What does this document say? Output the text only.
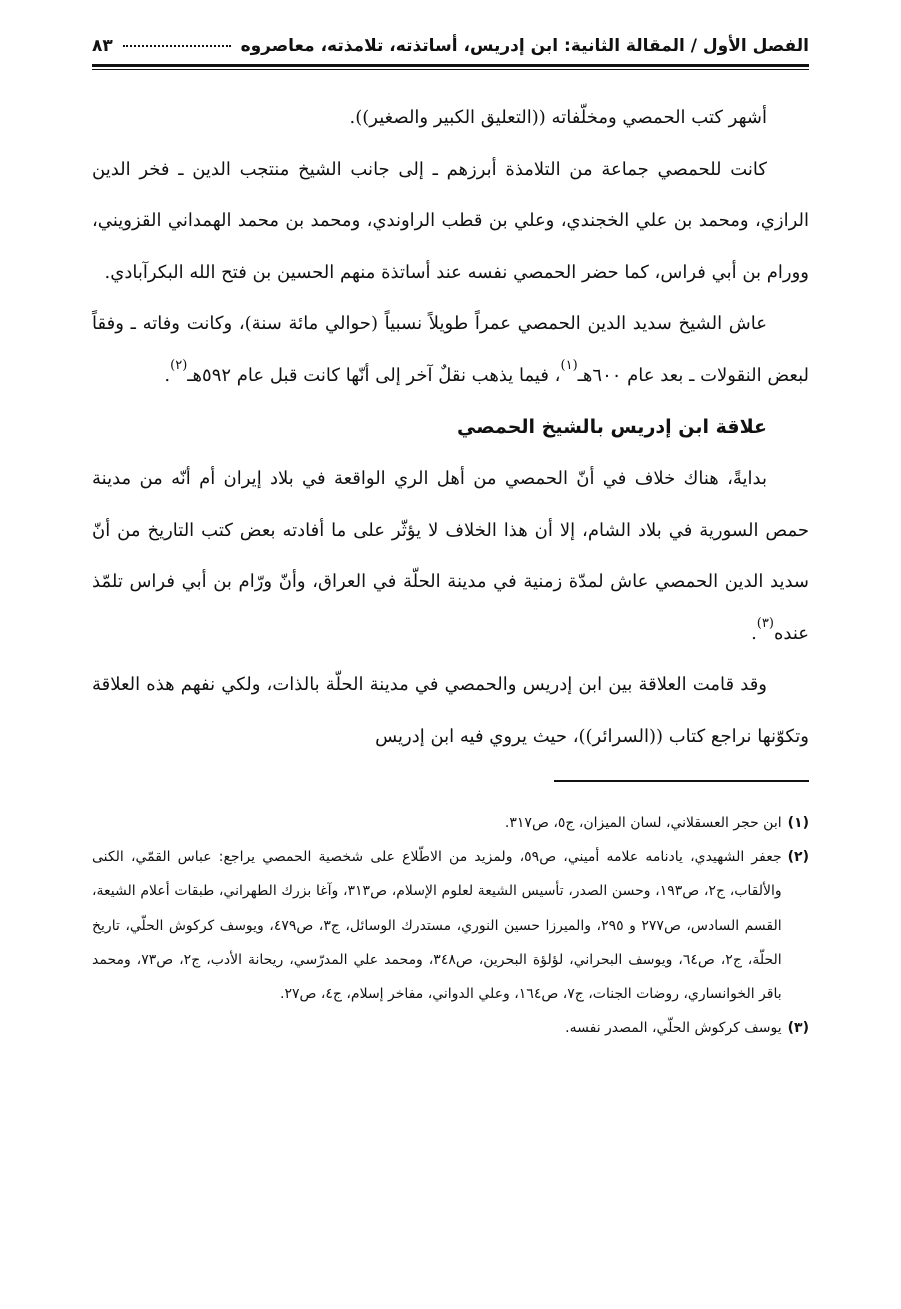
الفصل الأول / المقالة الثانية: ابن إدريس، أساتذته، تلامذته، معاصروه
٨٣

أشهر كتب الحمصي ومخلّفاته ((التعليق الكبير والصغير)).

كانت للحمصي جماعة من التلامذة أبرزهم ـ إلى جانب الشيخ منتجب الدين ـ فخر الدين الرازي، ومحمد بن علي الخجندي، وعلي بن قطب الراوندي، ومحمد بن محمد الهمداني القزويني، وورام بن أبي فراس، كما حضر الحمصي نفسه عند أساتذة منهم الحسين بن فتح الله البكرآبادي.

عاش الشيخ سديد الدين الحمصي عمراً طويلاً نسبياً (حوالي مائة سنة)، وكانت وفاته ـ وفقاً لبعض النقولات ـ بعد عام ٦٠٠هـ$^{(١)}$، فيما يذهب نقلٌ آخر إلى أنّها كانت قبل عام ٥٩٢هـ$^{(٢)}$.

علاقة ابن إدريس بالشيخ الحمصي

بدايةً، هناك خلاف في أنّ الحمصي من أهل الري الواقعة في بلاد إيران أم أنّه من مدينة حمص السورية في بلاد الشام، إلا أن هذا الخلاف لا يؤثّر على ما أفادته بعض كتب التاريخ من أنّ سديد الدين الحمصي عاش لمدّة زمنية في مدينة الحلّة في العراق، وأنّ ورّام بن أبي فراس تلمّذ عنده$^{(٣)}$.

وقد قامت العلاقة بين ابن إدريس والحمصي في مدينة الحلّة بالذات، ولكي نفهم هذه العلاقة وتكوّنها نراجع كتاب ((السرائر))، حيث يروي فيه ابن إدريس

(١)
ابن حجر العسقلاني، لسان الميزان، ج٥، ص٣١٧.

(٢)
جعفر الشهيدي، يادنامه علامه أميني، ص٥٩، ولمزيد من الاطّلاع على شخصية الحمصي يراجع: عباس القمّي، الكنى والألقاب، ج٢، ص١٩٣، وحسن الصدر، تأسيس الشيعة لعلوم الإسلام، ص٣١٣، وآغا بزرك الطهراني، طبقات أعلام الشيعة، القسم السادس، ص٢٧٧ و ٢٩٥، والميرزا حسين النوري، مستدرك الوسائل، ج٣، ص٤٧٩، ويوسف كركوش الحلّي، تاريخ الحلّة، ج٢، ص٦٤، ويوسف البحراني، لؤلؤة البحرين، ص٣٤٨، ومحمد علي المدرّسي، ريحانة الأدب، ج٢، ص٧٣، ومحمد باقر الخوانساري، روضات الجنات، ج٧، ص١٦٤، وعلي الدواني، مفاخر إسلام، ج٤، ص٢٧.

(٣)
يوسف كركوش الحلّي، المصدر نفسه.
